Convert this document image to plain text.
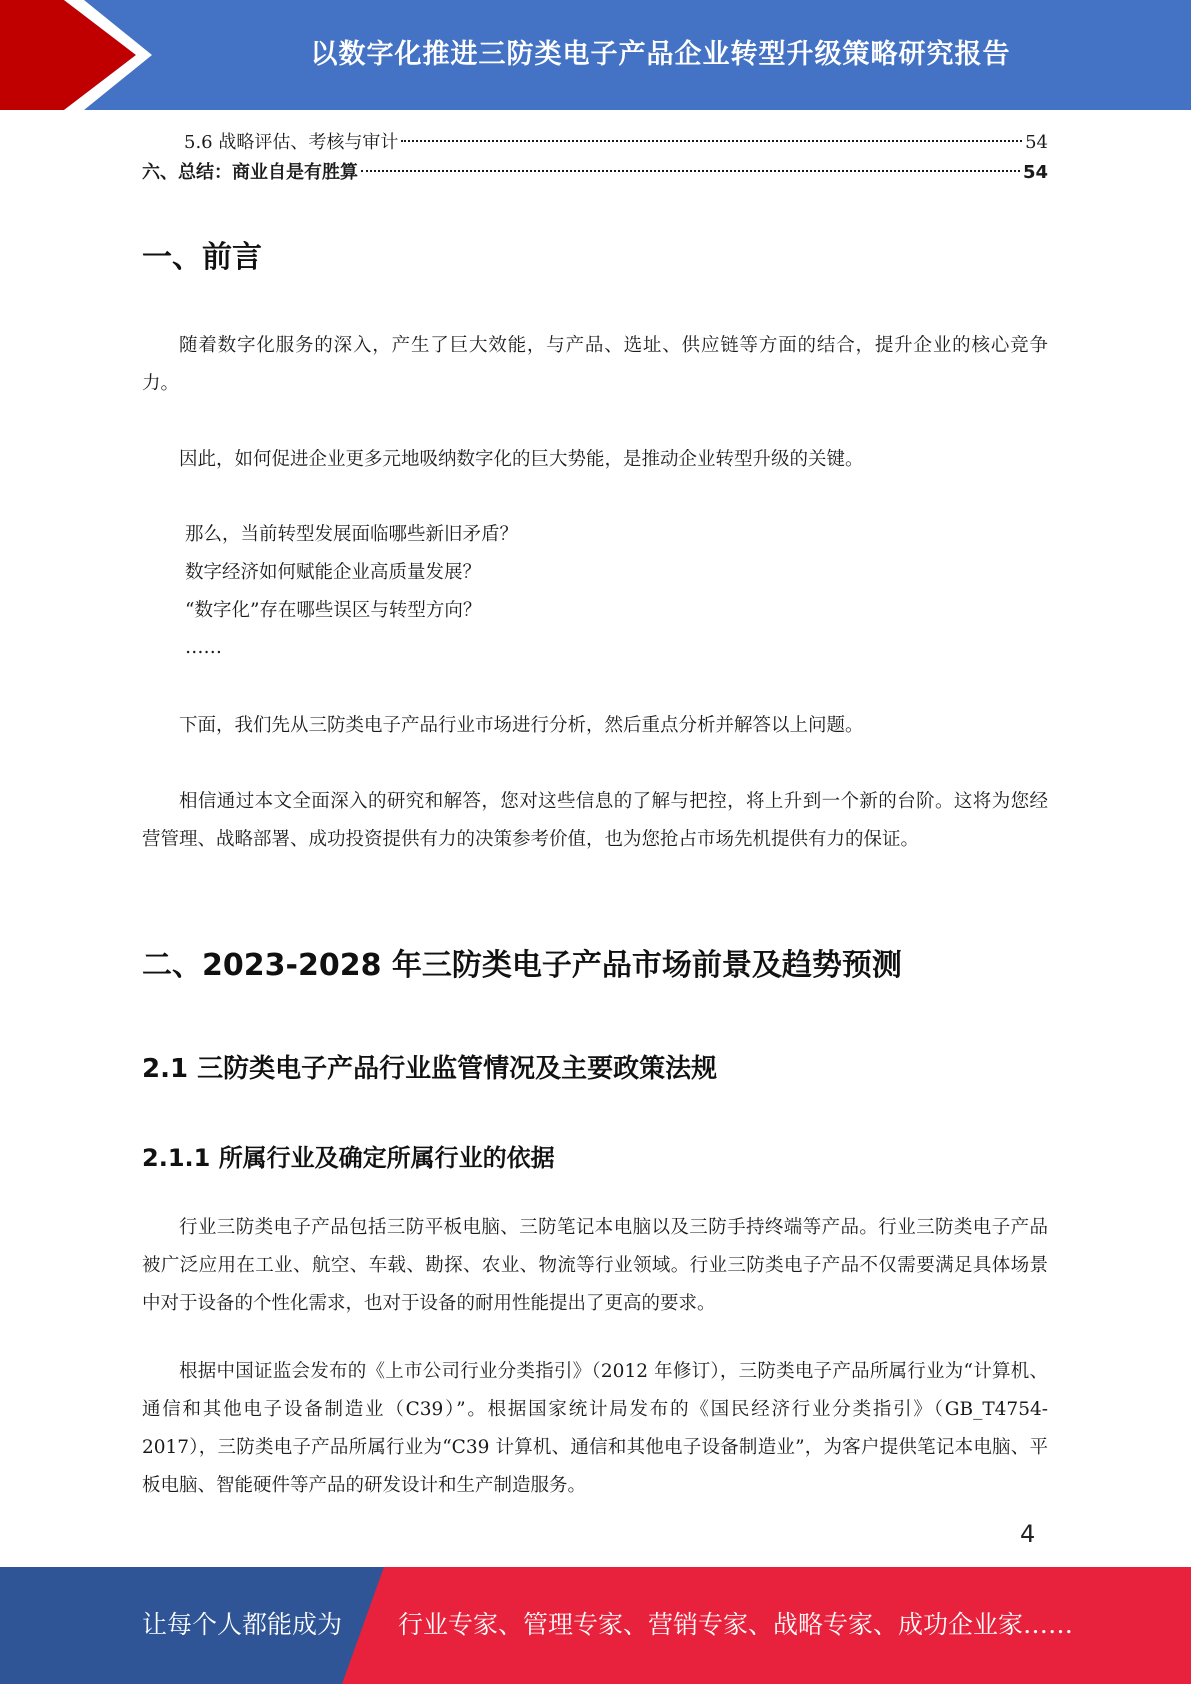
以数字化推进三防类电子产品企业转型升级策略研究报告
5.6 战略评估、考核与审计	54
六、总结：商业自是有胜算	54
一、前言
随着数字化服务的深入，产生了巨大效能，与产品、选址、供应链等方面的结合，提升企业的核心竞争力。
因此，如何促进企业更多元地吸纳数字化的巨大势能，是推动企业转型升级的关键。
那么，当前转型发展面临哪些新旧矛盾？
数字经济如何赋能企业高质量发展？
“数字化”存在哪些误区与转型方向？
……
下面，我们先从三防类电子产品行业市场进行分析，然后重点分析并解答以上问题。
相信通过本文全面深入的研究和解答，您对这些信息的了解与把控，将上升到一个新的台阶。这将为您经营管理、战略部署、成功投资提供有力的决策参考价值，也为您抢占市场先机提供有力的保证。
二、2023-2028 年三防类电子产品市场前景及趋势预测
2.1 三防类电子产品行业监管情况及主要政策法规
2.1.1 所属行业及确定所属行业的依据
行业三防类电子产品包括三防平板电脑、三防笔记本电脑以及三防手持终端等产品。行业三防类电子产品被广泛应用在工业、航空、车载、勘探、农业、物流等行业领域。行业三防类电子产品不仅需要满足具体场景中对于设备的个性化需求，也对于设备的耐用性能提出了更高的要求。
根据中国证监会发布的《上市公司行业分类指引》（2012 年修订），三防类电子产品所属行业为“计算机、通信和其他电子设备制造业（C39）”。根据国家统计局发布的《国民经济行业分类指引》（GB_T4754-2017），三防类电子产品所属行业为“C39 计算机、通信和其他电子设备制造业”，为客户提供笔记本电脑、平板电脑、智能硬件等产品的研发设计和生产制造服务。
4
让每个人都能成为 行业专家、管理专家、营销专家、战略专家、成功企业家……
